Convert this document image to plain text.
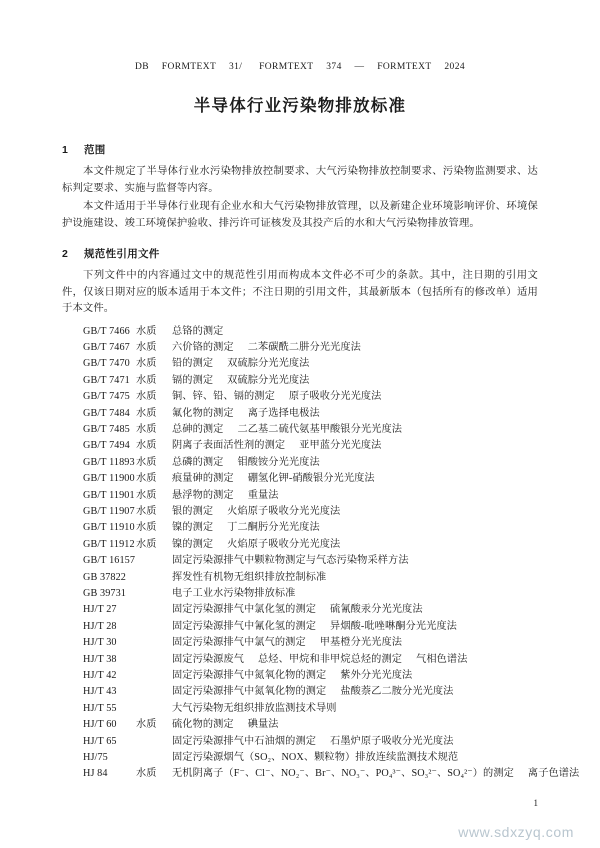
DB FORMTEXT 31/ FORMTEXT 374 — FORMTEXT 2024
半导体行业污染物排放标准
1 范围

本文件规定了半导体行业水污染物排放控制要求、大气污染物排放控制要求、污染物监测要求、达标判定要求、实施与监督等内容。

本文件适用于半导体行业现有企业水和大气污染物排放管理，以及新建企业环境影响评价、环境保护设施建设、竣工环境保护验收、排污许可证核发及其投产后的水和大气污染物排放管理。

2 规范性引用文件

下列文件中的内容通过文中的规范性引用而构成本文件必不可少的条款。其中，注日期的引用文件，仅该日期对应的版本适用于本文件；不注日期的引用文件，其最新版本（包括所有的修改单）适用于本文件。

GB/T 7466 水质	总铬的测定
GB/T 7467 水质	六价铬的测定 二苯碳酰二肼分光光度法
GB/T 7470 水质	铅的测定 双硫腙分光光度法
GB/T 7471 水质	镉的测定 双硫腙分光光度法
GB/T 7475 水质	铜、锌、铅、镉的测定 原子吸收分光光度法
GB/T 7484 水质	氟化物的测定 离子选择电极法
GB/T 7485 水质	总砷的测定 二乙基二硫代氨基甲酸银分光光度法
GB/T 7494 水质	阴离子表面活性剂的测定 亚甲蓝分光光度法
GB/T 11893 水质	总磷的测定 钼酸铵分光光度法
GB/T 11900 水质	痕量砷的测定 硼氢化钾-硝酸银分光光度法
GB/T 11901 水质	悬浮物的测定 重量法
GB/T 11907 水质	银的测定 火焰原子吸收分光光度法
GB/T 11910 水质	镍的测定 丁二酮肟分光光度法
GB/T 11912 水质	镍的测定 火焰原子吸收分光光度法
GB/T 16157	固定污染源排气中颗粒物测定与气态污染物采样方法
GB 37822	挥发性有机物无组织排放控制标准
GB 39731	电子工业水污染物排放标准
HJ/T 27	固定污染源排气中氯化氢的测定 硫氰酸汞分光光度法
HJ/T 28	固定污染源排气中氰化氢的测定 异烟酸-吡唑啉酮分光光度法
HJ/T 30	固定污染源排气中氯气的测定 甲基橙分光光度法
HJ/T 38	固定污染源废气 总烃、甲烷和非甲烷总烃的测定 气相色谱法
HJ/T 42	固定污染源排气中氮氧化物的测定 紫外分光光度法
HJ/T 43	固定污染源排气中氮氧化物的测定 盐酸萘乙二胺分光光度法
HJ/T 55	大气污染物无组织排放监测技术导则
HJ/T 60	水质	硫化物的测定 碘量法
HJ/T 65	固定污染源排气中石油烟的测定 石墨炉原子吸收分光光度法
HJ/75	固定污染源烟气（SO₂、NOX、颗粒物）排放连续监测技术规范
HJ 84	水质	无机阴离子（F⁻、Cl⁻、NO₂⁻、Br⁻、NO₃⁻、PO₄³⁻、SO₃²⁻、SO₄²⁻）的测定 离子色谱法
1
www.sdxzyq.com
